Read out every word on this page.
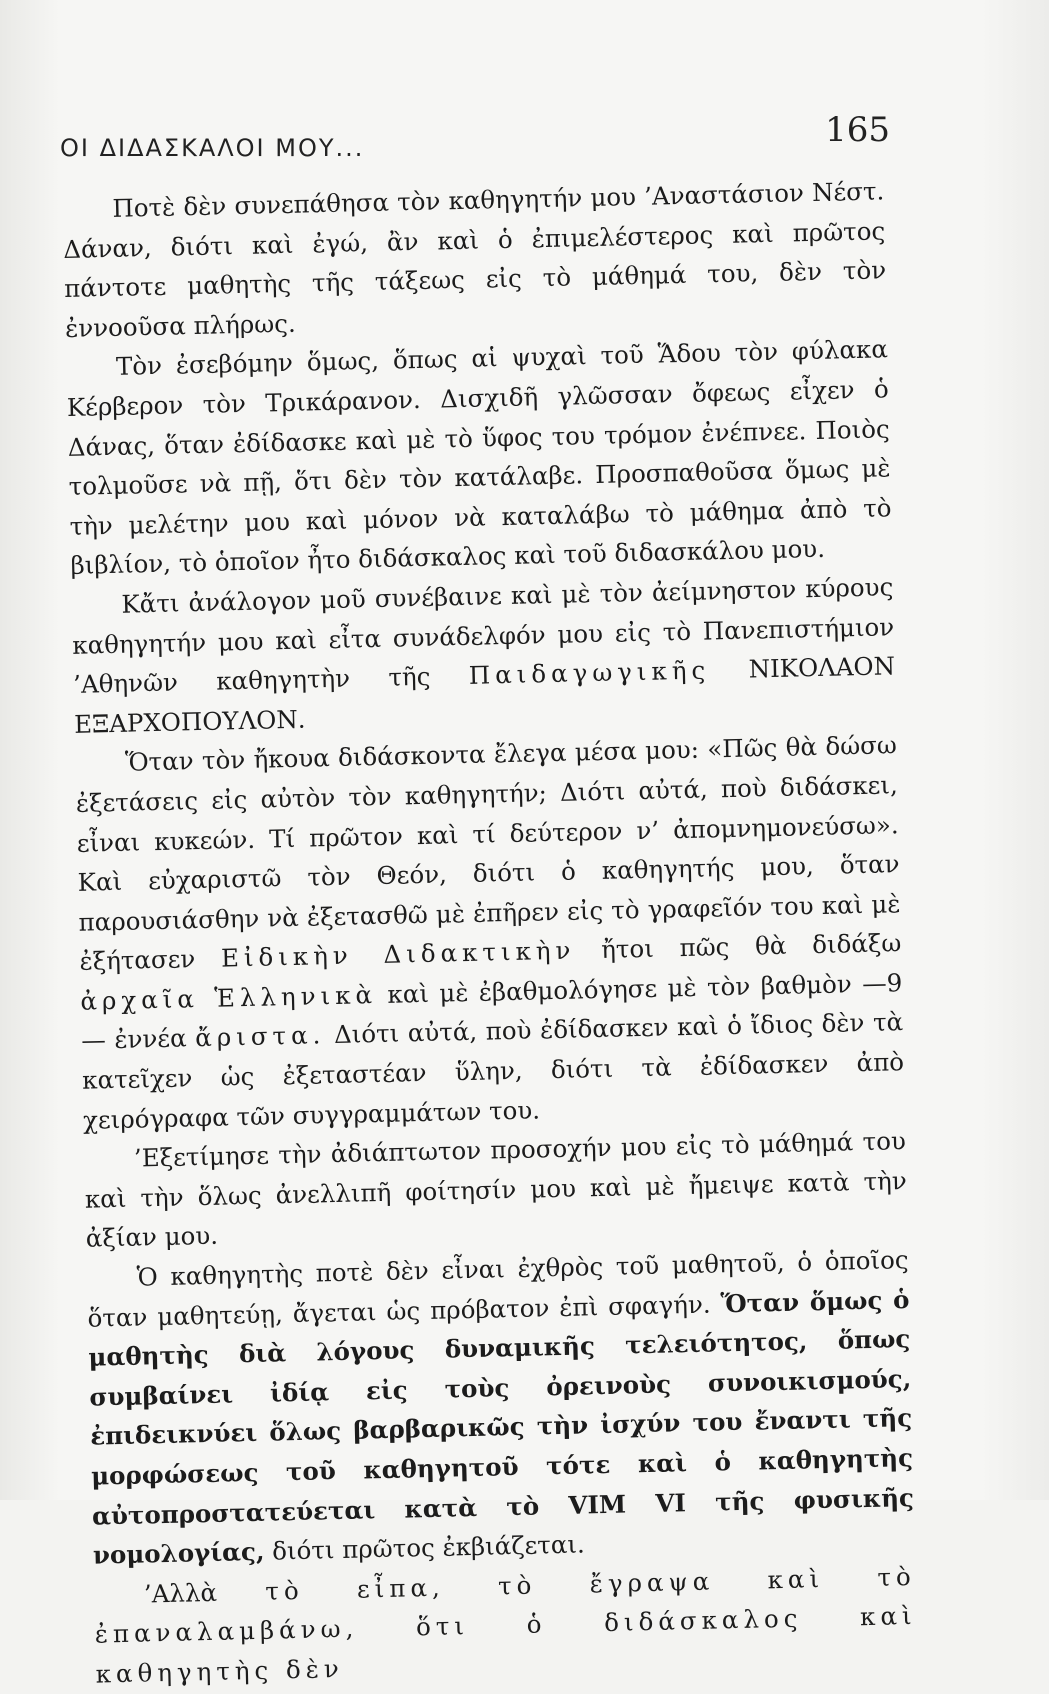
ΟΙ ΔΙΔΑΣΚΑΛΟΙ ΜΟΥ...	165

Ποτὲ δὲν συνεπάθησα τὸν καθηγητήν μου ’Αναστάσιον Νέστ. Δάναν, διότι καὶ ἐγώ, ἂν καὶ ὁ ἐπιμελέστερος καὶ πρῶτος πάντοτε μαθητὴς τῆς τάξεως εἰς τὸ μάθημά του, δὲν τὸν ἐννοοῦσα πλήρως.

Τὸν ἐσεβόμην ὅμως, ὅπως αἱ ψυχαὶ τοῦ Ἅδου τὸν φύλακα Κέρβερον τὸν Τρικάρανον. Δισχιδῆ γλῶσσαν ὄφεως εἶχεν ὁ Δάνας, ὅταν ἐδίδασκε καὶ μὲ τὸ ὕφος του τρόμον ἐνέπνεε. Ποιὸς τολμοῦσε νὰ πῇ, ὅτι δὲν τὸν κατάλαβε. Προσπαθοῦσα ὅμως μὲ τὴν μελέτην μου καὶ μόνον νὰ καταλάβω τὸ μάθημα ἀπὸ τὸ βιβλίον, τὸ ὁποῖον ἦτο διδάσκαλος καὶ τοῦ διδασκάλου μου.

Κἄτι ἀνάλογον μοῦ συνέβαινε καὶ μὲ τὸν ἀείμνηστον κύρους καθηγητήν μου καὶ εἶτα συνάδελφόν μου εἰς τὸ Πανεπιστήμιον ’Αθηνῶν καθηγητὴν τῆς Παιδαγωγικῆς ΝΙΚΟΛΑΟΝ ΕΞΑΡΧΟΠΟΥΛΟΝ.

Ὅταν τὸν ἤκουα διδάσκοντα ἔλεγα μέσα μου: «Πῶς θὰ δώσω ἐξετάσεις εἰς αὐτὸν τὸν καθηγητήν; Διότι αὐτά, ποὺ διδάσκει, εἶναι κυκεών. Τί πρῶτον καὶ τί δεύτερον ν’ ἀπομνημονεύσω». Καὶ εὐχαριστῶ τὸν Θεόν, διότι ὁ καθηγητής μου, ὅταν παρουσιάσθην νὰ ἐξετασθῶ μὲ ἐπῆρεν εἰς τὸ γραφεῖόν του καὶ μὲ ἐξήτασεν Εἰδικὴν Διδακτικὴν ἤτοι πῶς θὰ διδάξω ἀρχαῖα Ἑλληνικὰ καὶ μὲ ἐβαθμολόγησε μὲ τὸν βαθμὸν —9— ἐννέα ἄριστα. Διότι αὐτά, ποὺ ἐδίδασκεν καὶ ὁ ἴδιος δὲν τὰ κατεῖχεν ὡς ἐξεταστέαν ὕλην, διότι τὰ ἐδίδασκεν ἀπὸ χειρόγραφα τῶν συγγραμμάτων του.

’Εξετίμησε τὴν ἀδιάπτωτον προσοχήν μου εἰς τὸ μάθημά του καὶ τὴν ὅλως ἀνελλιπῆ φοίτησίν μου καὶ μὲ ἤμειψε κατὰ τὴν ἀξίαν μου.

Ὁ καθηγητὴς ποτὲ δὲν εἶναι ἐχθρὸς τοῦ μαθητοῦ, ὁ ὁποῖος ὅταν μαθητεύῃ, ἄγεται ὡς πρόβατον ἐπὶ σφαγήν. Ὅταν ὅμως ὁ μαθητὴς διὰ λόγους δυναμικῆς τελειότητος, ὅπως συμβαίνει ἰδίᾳ εἰς τοὺς ὀρεινοὺς συνοικισμούς, ἐπιδεικνύει ὅλως βαρβαρικῶς τὴν ἰσχύν του ἔναντι τῆς μορφώσεως τοῦ καθηγητοῦ τότε καὶ ὁ καθηγητὴς αὐτοπροστατεύεται κατὰ τὸ VIM VI τῆς φυσικῆς νομολογίας, διότι πρῶτος ἐκβιάζεται.

’Αλλὰ τὸ εἶπα, τὸ ἔγραψα καὶ τὸ ἐπαναλαμβάνω, ὅτι ὁ διδάσκαλος καὶ καθηγητὴς δὲν
